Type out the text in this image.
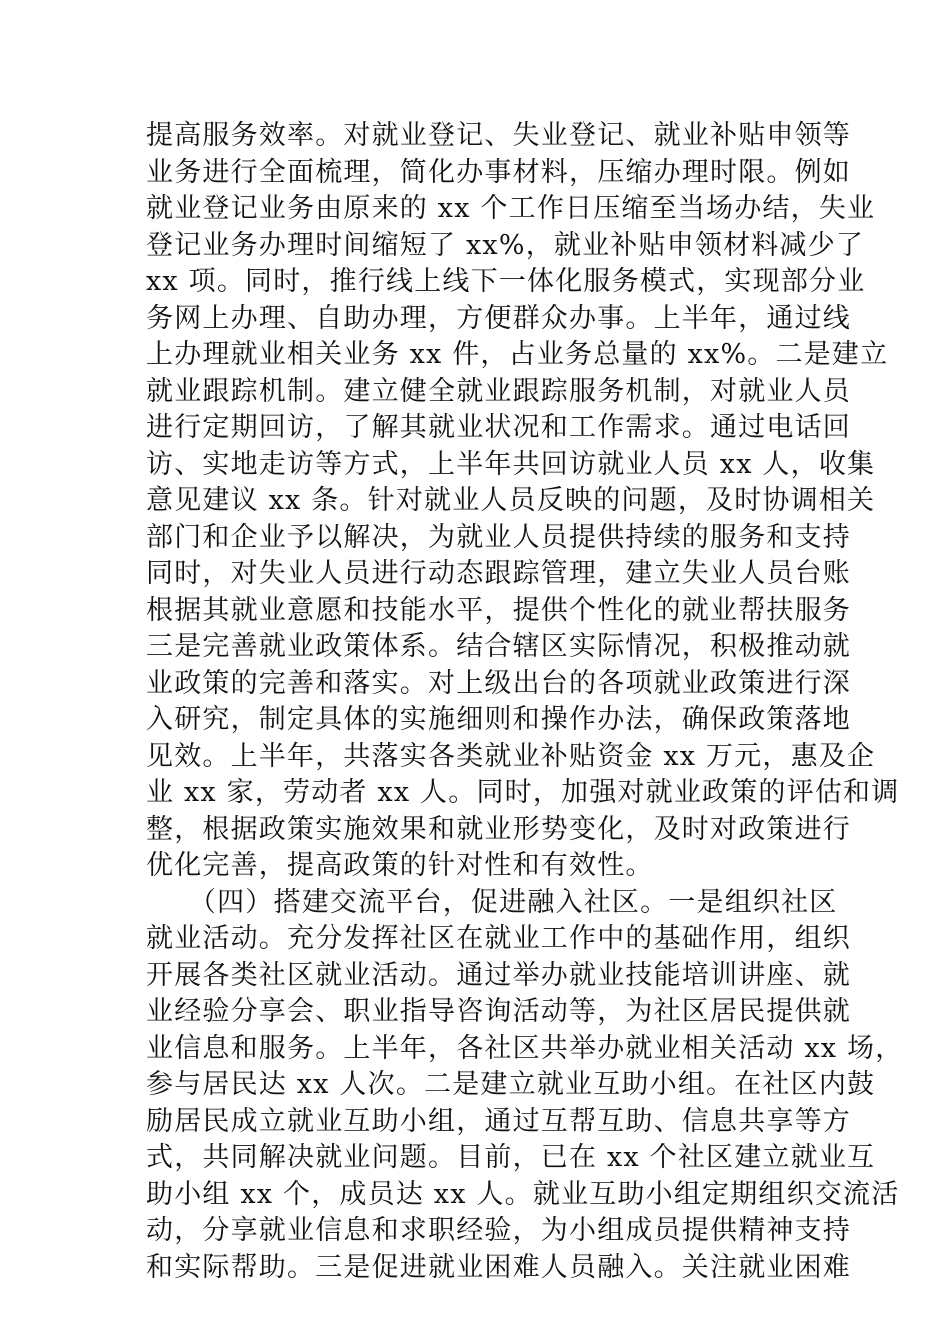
提高服务效率。对就业登记、失业登记、就业补贴申领等
业务进行全面梳理，简化办事材料，压缩办理时限。例如
就业登记业务由原来的 xx 个工作日压缩至当场办结，失业
登记业务办理时间缩短了 xx%，就业补贴申领材料减少了
xx 项。同时，推行线上线下一体化服务模式，实现部分业
务网上办理、自助办理，方便群众办事。上半年，通过线
上办理就业相关业务 xx 件，占业务总量的 xx%。二是建立
就业跟踪机制。建立健全就业跟踪服务机制，对就业人员
进行定期回访，了解其就业状况和工作需求。通过电话回
访、实地走访等方式，上半年共回访就业人员 xx 人，收集
意见建议 xx 条。针对就业人员反映的问题，及时协调相关
部门和企业予以解决，为就业人员提供持续的服务和支持
同时，对失业人员进行动态跟踪管理，建立失业人员台账
根据其就业意愿和技能水平，提供个性化的就业帮扶服务
三是完善就业政策体系。结合辖区实际情况，积极推动就
业政策的完善和落实。对上级出台的各项就业政策进行深
入研究，制定具体的实施细则和操作办法，确保政策落地
见效。上半年，共落实各类就业补贴资金 xx 万元，惠及企
业 xx 家，劳动者 xx 人。同时，加强对就业政策的评估和调
整，根据政策实施效果和就业形势变化，及时对政策进行
优化完善，提高政策的针对性和有效性。
　　（四）搭建交流平台，促进融入社区。一是组织社区
就业活动。充分发挥社区在就业工作中的基础作用，组织
开展各类社区就业活动。通过举办就业技能培训讲座、就
业经验分享会、职业指导咨询活动等，为社区居民提供就
业信息和服务。上半年，各社区共举办就业相关活动 xx 场，
参与居民达 xx 人次。二是建立就业互助小组。在社区内鼓
励居民成立就业互助小组，通过互帮互助、信息共享等方
式，共同解决就业问题。目前，已在 xx 个社区建立就业互
助小组 xx 个，成员达 xx 人。就业互助小组定期组织交流活
动，分享就业信息和求职经验，为小组成员提供精神支持
和实际帮助。三是促进就业困难人员融入。关注就业困难
